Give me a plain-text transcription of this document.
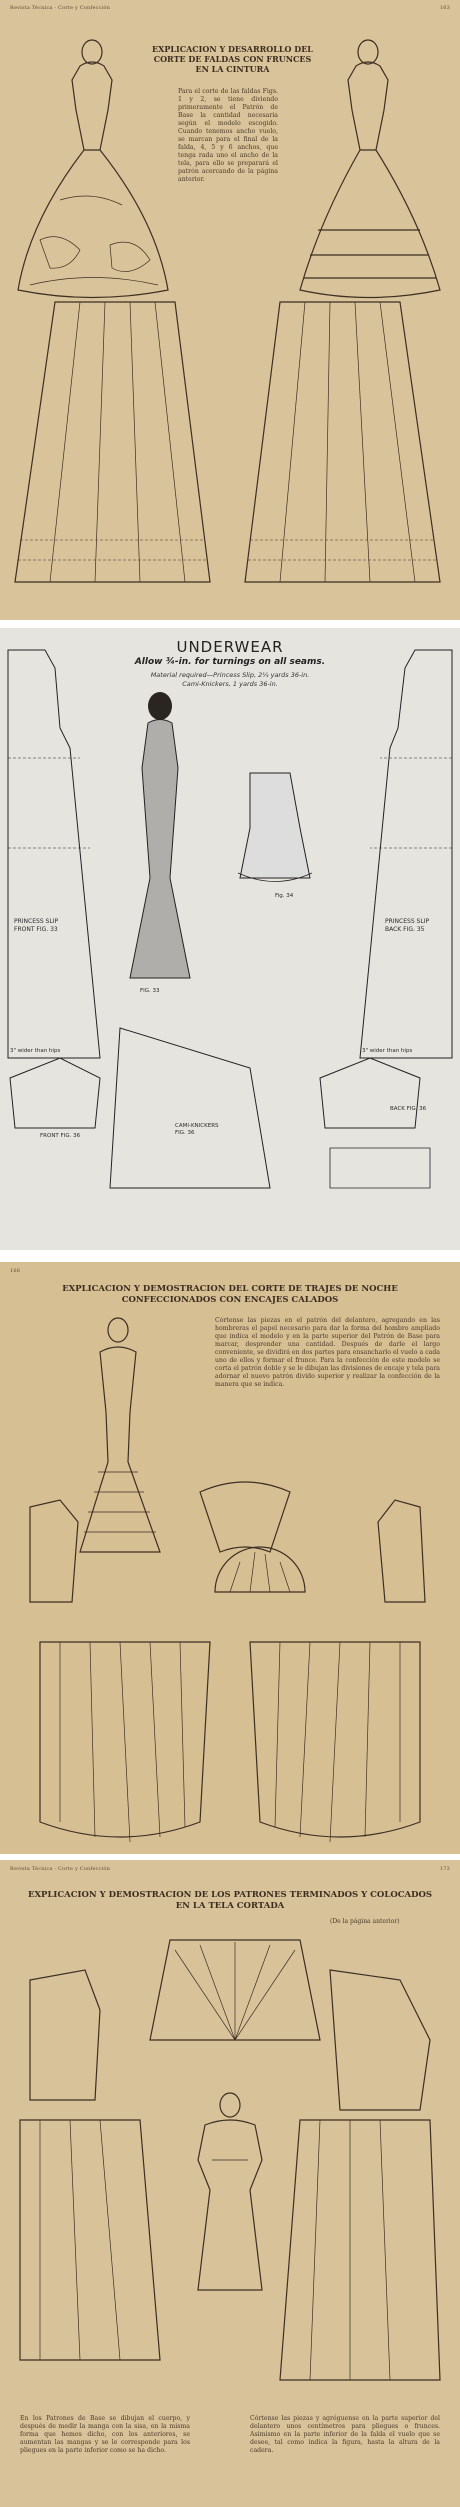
Revista Técnica · Corte y Confección	163
EXPLICACION Y DESARROLLO DEL CORTE DE FALDAS CON FRUNCES EN LA CINTURA
Para el corte de las faldas Figs. 1 y 2, se tiene diviendo primeramente el Patrón de Base la cantidad necesaria según el modelo escogido. Cuando tenemos ancho vuelo, se marcan para el final de la falda, 4, 5 y 6 anchos, que tenga rada uno el ancho de la tela, para ello se preparará el patrón acercando de la página anterior.
UNDERWEAR
Allow ¾-in. for turnings on all seams.
Material required—Princess Slip, 2¼ yards 36-in.
Cami-Knickers, 1 yards 36-in.
PRINCESS SLIP FRONT FIG. 33
PRINCESS SLIP BACK FIG. 35
FIG. 33
Fig. 34
CAMI-KNICKERS FIG. 36
BACK FIG. 36
FRONT FIG. 36
3" wider than hips	3" wider than hips
166
EXPLICACION Y DEMOSTRACION DEL CORTE DE TRAJES DE NOCHE CONFECCIONADOS CON ENCAJES CALADOS
Córtense las piezas en el patrón del delantero, agregando en las hombreras el papel necesario para dar la forma del hombro ampliado que indica el modelo y en la parte superior del Patrón de Base para marcar, desprender una cantidad. Después de darle el largo conveniente, se dividirá en dos partes para ensancharlo el vuelo a cada uno de ellos y formar el frunce. Para la confección de este modelo se corta el patrón doble y se le dibujan las divisiones de encaje y tela para adornar el nuevo patrón divido superior y realizar la confección de la manera que se indica.
Revista Técnica · Corte y Confección	173
EXPLICACION Y DEMOSTRACION DE LOS PATRONES TERMINADOS Y COLOCADOS EN LA TELA CORTADA
(De la página anterior)
En los Patrones de Base se dibujan el cuerpo, y después de medir la manga con la sisa, en la misma forma que hemos dicho, con los anteriores, se aumentan las mangas y se le corresponde para los pliegues en la parte inferior como se ha dicho.
Córtense las piezas y agréguense en la parte superior del delantero unos centímetros para pliegues o frunces. Asimismo en la parte inferior de la falda el vuelo que se desee, tal como indica la figura, hasta la altura de la cadera.
